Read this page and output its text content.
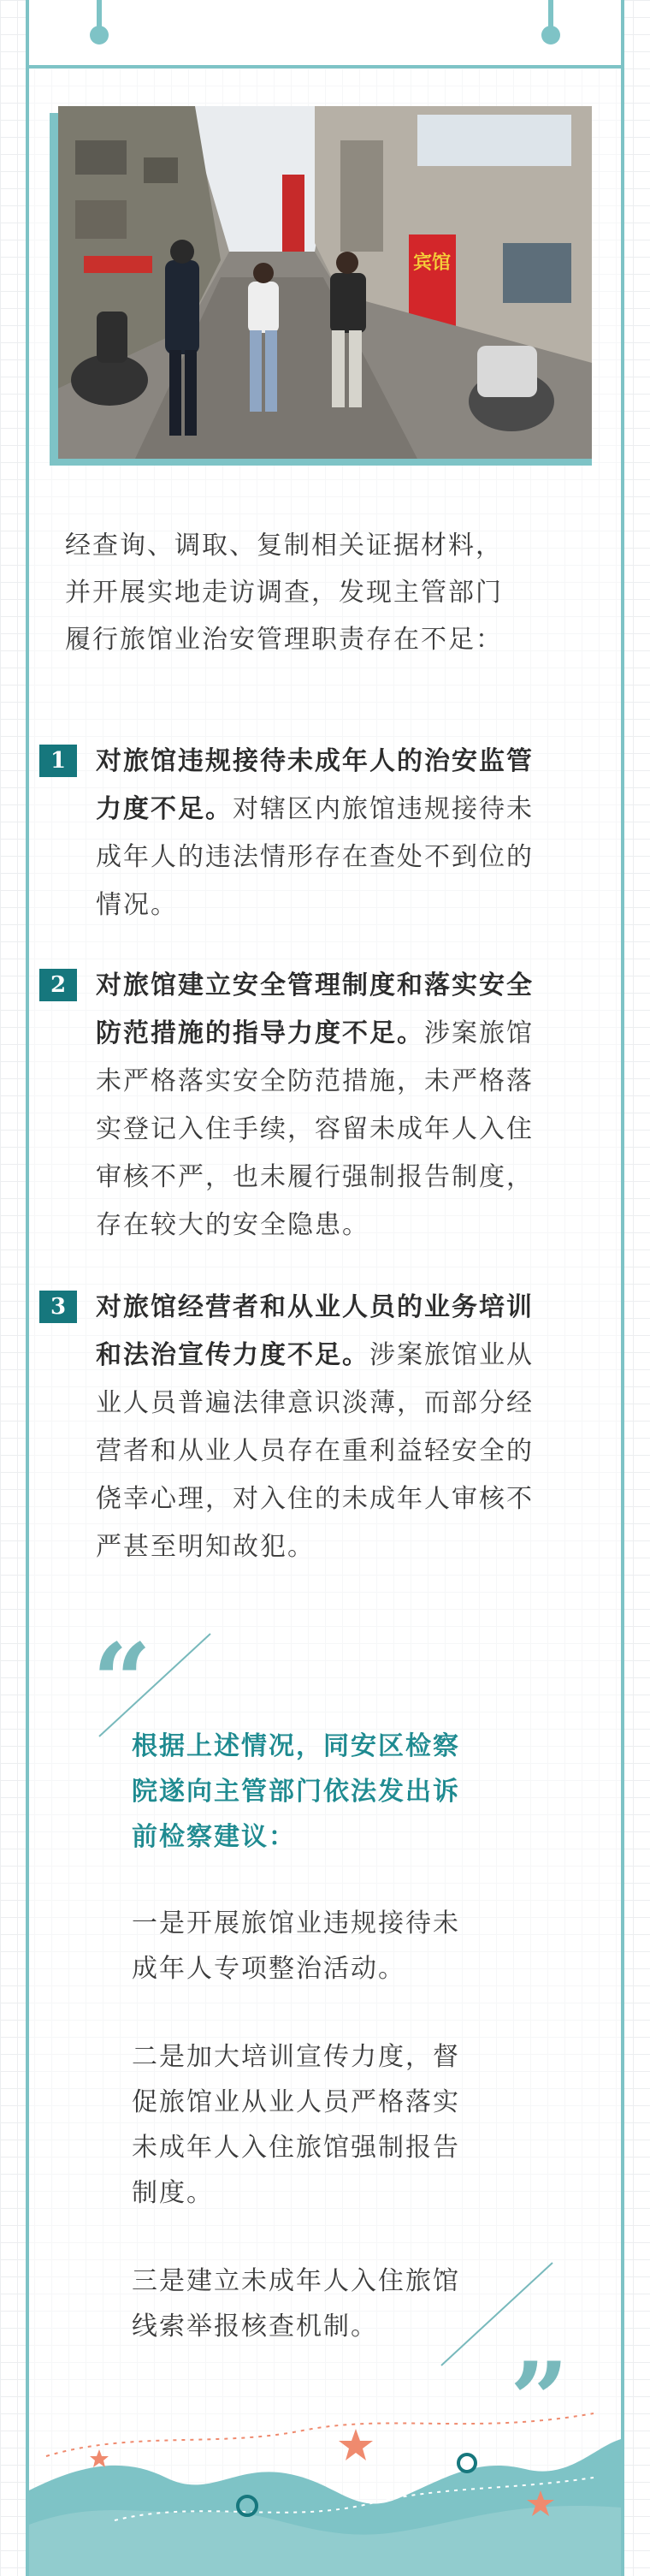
宾馆
经查询、调取、复制相关证据材料，
并开展实地走访调查，发现主管部门
履行旅馆业治安管理职责存在不足：
1	对旅馆违规接待未成年人的治安监管
力度不足。对辖区内旅馆违规接待未
成年人的违法情形存在查处不到位的
情况。
2	对旅馆建立安全管理制度和落实安全
防范措施的指导力度不足。涉案旅馆
未严格落实安全防范措施，未严格落
实登记入住手续，容留未成年人入住
审核不严，也未履行强制报告制度，
存在较大的安全隐患。
3	对旅馆经营者和从业人员的业务培训
和法治宣传力度不足。涉案旅馆业从
业人员普遍法律意识淡薄，而部分经
营者和从业人员存在重利益轻安全的
侥幸心理，对入住的未成年人审核不
严甚至明知故犯。
“
根据上述情况，同安区检察
院遂向主管部门依法发出诉
前检察建议：

一是开展旅馆业违规接待未
成年人专项整治活动。

二是加大培训宣传力度，督
促旅馆业从业人员严格落实
未成年人入住旅馆强制报告
制度。

三是建立未成年人入住旅馆
线索举报核查机制。

”
